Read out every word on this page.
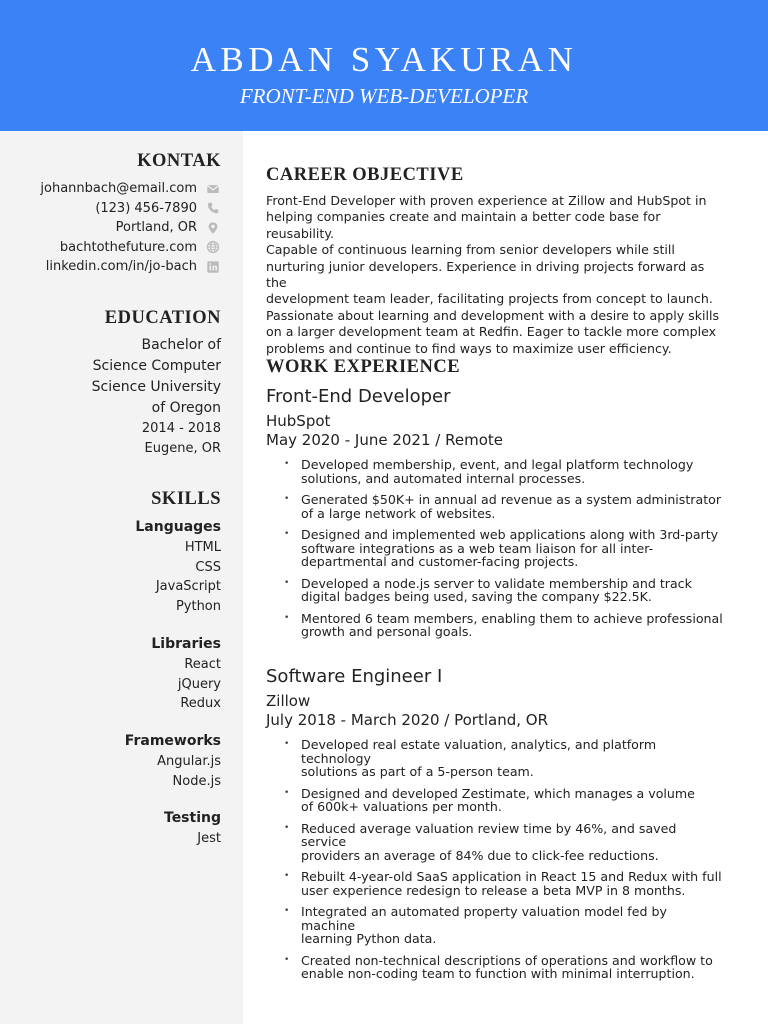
ABDAN SYAKURAN
FRONT-END WEB-DEVELOPER
KONTAK
johannbach@email.com
(123) 456-7890
Portland, OR
bachtothefuture.com
linkedin.com/in/jo-bach
EDUCATION
Bachelor of
Science Computer
Science University
of Oregon
2014 - 2018
Eugene, OR
SKILLS
Languages
HTML
CSS
JavaScript
Python
Libraries
React
jQuery
Redux
Frameworks
Angular.js
Node.js
Testing
Jest
CAREER OBJECTIVE
Front-End Developer with proven experience at Zillow and HubSpot in
helping companies create and maintain a better code base for reusability.
Capable of continuous learning from senior developers while still
nurturing junior developers. Experience in driving projects forward as the
development team leader, facilitating projects from concept to launch.
Passionate about learning and development with a desire to apply skills
on a larger development team at Redfin. Eager to tackle more complex
problems and continue to find ways to maximize user efficiency.
WORK EXPERIENCE
Front-End Developer
HubSpot
May 2020 - June 2021 / Remote
• Developed membership, event, and legal platform technology
solutions, and automated internal processes.
• Generated $50K+ in annual ad revenue as a system administrator
of a large network of websites.
• Designed and implemented web applications along with 3rd-party
software integrations as a web team liaison for all inter-
departmental and customer-facing projects.
• Developed a node.js server to validate membership and track
digital badges being used, saving the company $22.5K.
• Mentored 6 team members, enabling them to achieve professional
growth and personal goals.
Software Engineer I
Zillow
July 2018 - March 2020 / Portland, OR
• Developed real estate valuation, analytics, and platform technology
solutions as part of a 5-person team.
• Designed and developed Zestimate, which manages a volume
of 600k+ valuations per month.
• Reduced average valuation review time by 46%, and saved service
providers an average of 84% due to click-fee reductions.
• Rebuilt 4-year-old SaaS application in React 15 and Redux with full
user experience redesign to release a beta MVP in 8 months.
• Integrated an automated property valuation model fed by machine
learning Python data.
• Created non-technical descriptions of operations and workflow to
enable non-coding team to function with minimal interruption.
